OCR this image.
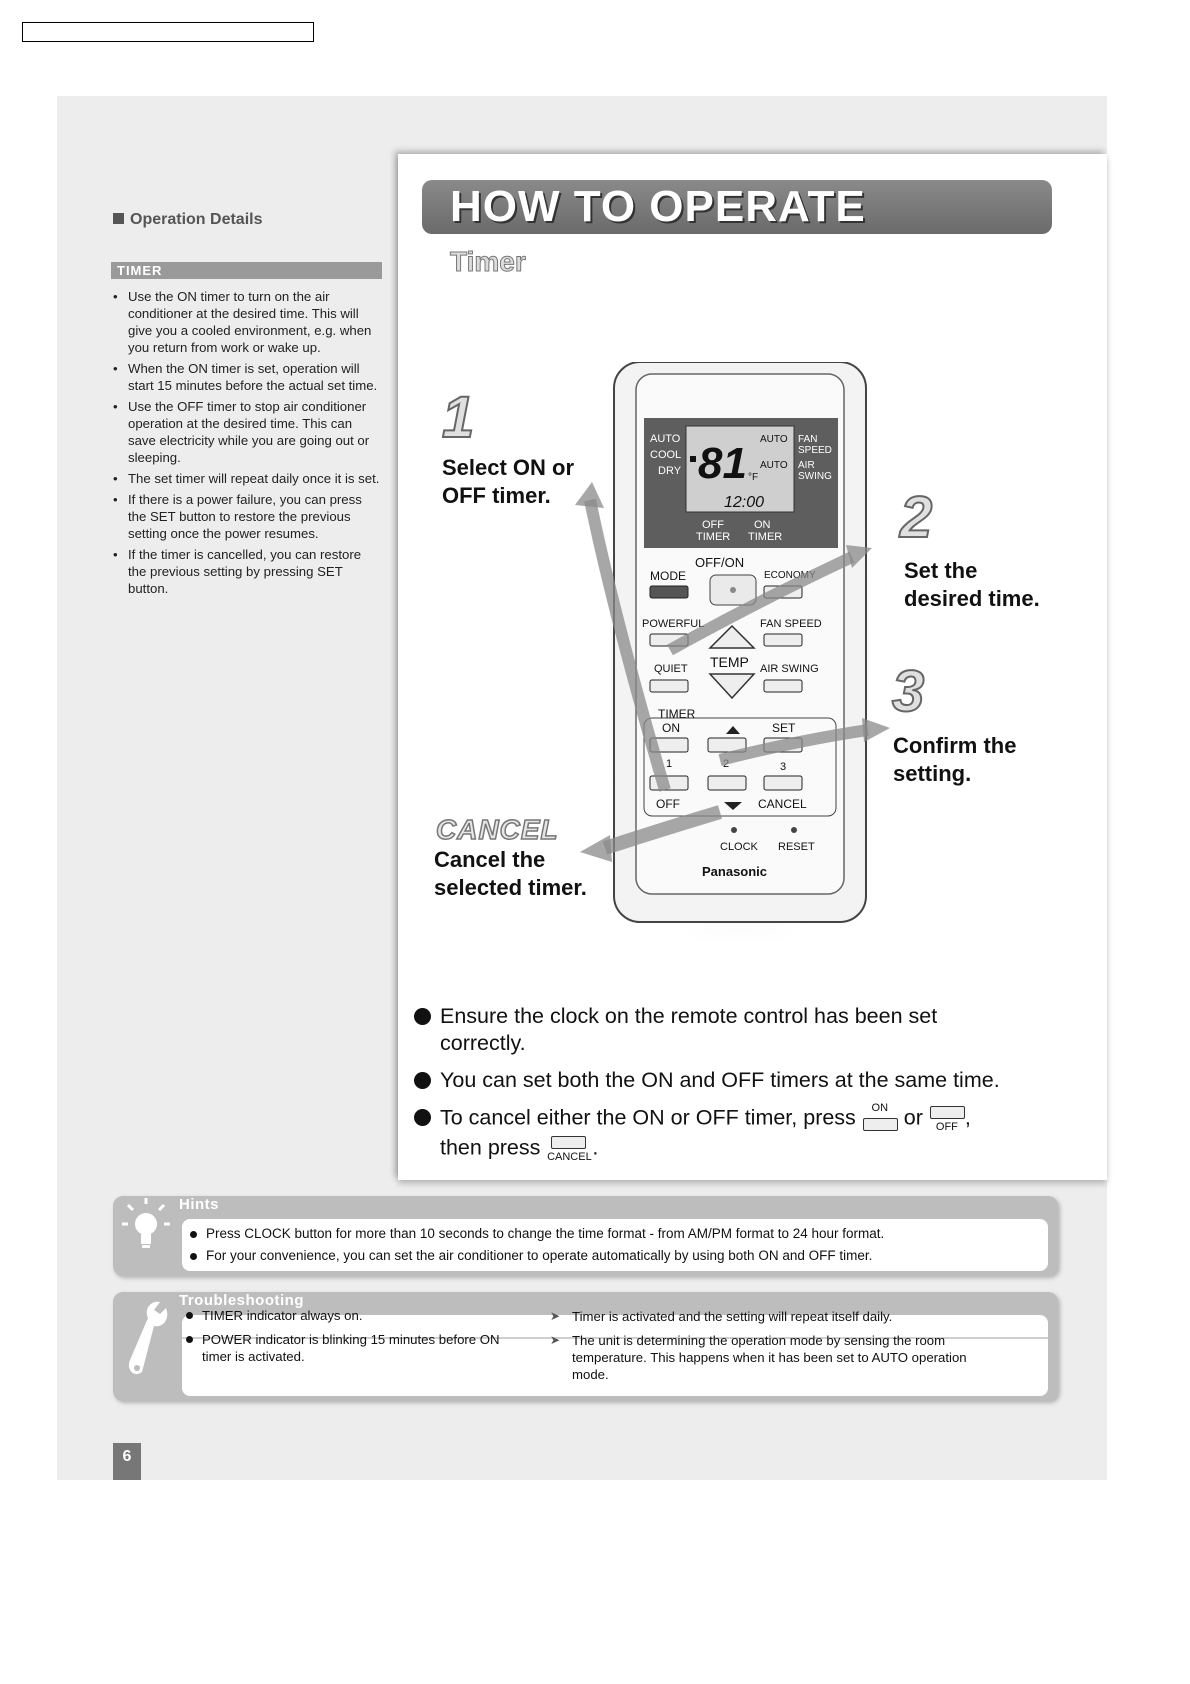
Operation Details
TIMER
• Use the ON timer to turn on the air conditioner at the desired time. This will give you a cooled environment, e.g. when you return from work or wake up.
• When the ON timer is set, operation will start 15 minutes before the actual set time.
• Use the OFF timer to stop air conditioner operation at the desired time. This can save electricity while you are going out or sleeping.
• The set timer will repeat daily once it is set.
• If there is a power failure, you can press the SET button to restore the previous setting once the power resumes.
• If the timer is cancelled, you can restore the previous setting by pressing SET button.
HOW TO OPERATE
Timer
AUTO
COOL
DRY 81 °F
AUTO
AUTO
FAN
SPEED
AIR
SWING
12:00
OFF
TIMER
ON
TIMER
OFF/ON
MODE	ECONOMY
POWERFUL	FAN SPEED
TEMP
QUIET	AIR SWING
TIMER
ON	SET
1	2	3
OFF	CANCEL
CLOCK RESET
Panasonic
1
Select ON or
OFF timer.	2
Set the
desired time.
3
Confirm the
setting.
CANCEL
Cancel the
selected timer.
Ensure the clock on the remote control has been set
correctly.
You can set both the ON and OFF timers at the same time.
To cancel either the ON or OFF timer, press	ON or	OFF ,
then press CANCEL .
Hints
Press CLOCK button for more than 10 seconds to change the time format - from AM/PM format to 24 hour format.
For your convenience, you can set the air conditioner to operate automatically by using both ON and OFF timer.
Troubleshooting
TIMER indicator always on.
➤	Timer is activated and the setting will repeat itself daily.
POWER indicator is blinking 15 minutes before ON timer is activated.
➤ The unit is determining the operation mode by sensing the room temperature. This happens when it has been set to AUTO operation mode.
6
